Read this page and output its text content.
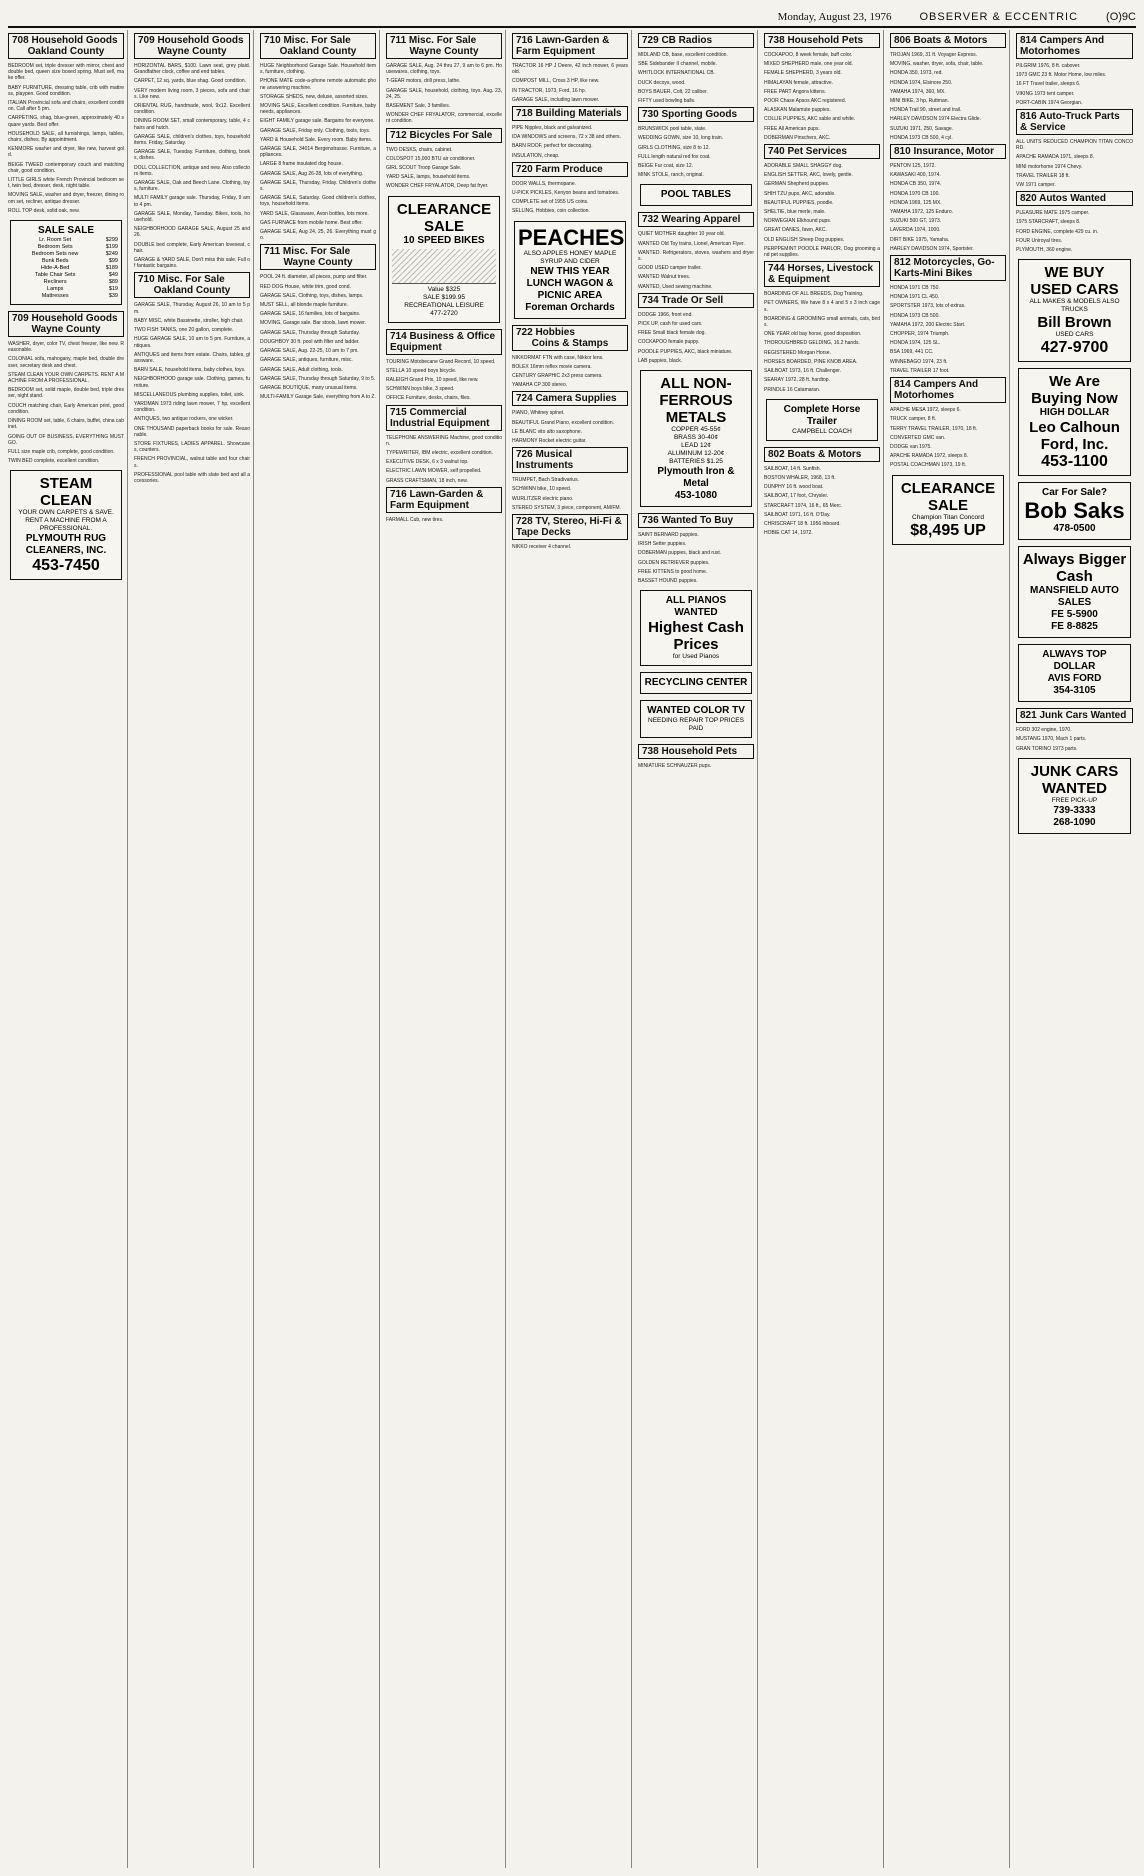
Monday, August 23, 1976	OBSERVER & ECCENTRIC	(O)9C
708 Household Goods
Oakland County
BEDROOM set, triple dresser with mirror, chest and double bed, queen size boxed spring. Must sell, make offer.
BABY FURNITURE, dressing table, crib with mattress, playpen. Good condition.
ITALIAN Provincial sofa and chairs, excellent condition. Call after 5 pm.
CARPETING, shag, blue-green, approximately 40 square yards. Best offer.
HOUSEHOLD SALE, all furnishings, lamps, tables, chairs, dishes. By appointment.
KENMORE washer and dryer, like new, harvest gold.
BEIGE TWEED contemporary couch and matching chair, good condition.
LITTLE GIRLS white French Provincial bedroom set, twin bed, dresser, desk, night table.
MOVING SALE, washer and dryer, freezer, dining room set, recliner, antique dresser.
ROLL TOP desk, solid oak, new.
SALE SALE
Lr. Room Set	$299
Bedroom Sets	$199
Bedroom Sets new	$249
Bunk Beds	$99
Hide-A-Bed	$189
Table Chair Sets	$49
Recliners	$89
Lamps	$19
Mattresses	$39
709 Household Goods
Wayne County
WASHER, dryer, color TV, chest freezer, like new. Reasonable.
COLONIAL sofa, mahogany, maple bed, double dresser, secretary desk and chest.
STEAM CLEAN YOUR OWN CARPETS. RENT A MACHINE FROM A PROFESSIONAL.
BEDROOM set, solid maple, double bed, triple dresser, night stand.
COUCH matching chair, Early American print, good condition.
DINING ROOM set, table, 6 chairs, buffet, china cabinet.
GOING OUT OF BUSINESS, EVERYTHING MUST GO.
FULL size maple crib, complete, good condition.
TWIN BED complete, excellent condition.
STEAM CLEAN
YOUR OWN CARPETS & SAVE. RENT A MACHINE FROM A PROFESSIONAL.
PLYMOUTH RUG CLEANERS, INC.
453-7450
709 Household Goods
Wayne County
HORIZONTAL BARS, $100. Lawn seat, grey plaid. Grandfather clock, coffee and end tables.
CARPET, 12 sq. yards, blue shag. Good condition.
VERY modern living room, 3 pieces, sofa and chairs. Like new.
ORIENTAL RUG, handmade, wool, 9x12. Excellent condition.
DINING ROOM SET, small contemporary, table, 4 chairs and hutch.
GARAGE SALE, children's clothes, toys, household items. Friday, Saturday.
GARAGE SALE, Tuesday. Furniture, clothing, books, dishes.
DOLL COLLECTION, antique and new. Also collectors items.
GARAGE SALE, Oak and Beech Lane. Clothing, toys, furniture.
MULTI FAMILY garage sale. Thursday, Friday, 9 am to 4 pm.
GARAGE SALE, Monday, Tuesday. Bikes, tools, household.
NEIGHBORHOOD GARAGE SALE, August 25 and 26.
DOUBLE bed complete, Early American loveseat, chair.
GARAGE & YARD SALE, Don't miss this sale. Full of fantastic bargains.
710 Misc. For Sale
Oakland County
GARAGE SALE, Thursday, August 26, 10 am to 5 pm.
BABY MISC, white Bassinette, stroller, high chair.
TWO FISH TANKS, one 20 gallon, complete.
HUGE GARAGE SALE, 10 am to 5 pm. Furniture, antiques.
ANTIQUES and items from estate. Chairs, tables, glassware.
BARN SALE, household items, baby clothes, toys.
NEIGHBORHOOD garage sale. Clothing, games, furniture.
MISCELLANEOUS plumbing supplies, toilet, sink.
YARDMAN 1973 riding lawn mower, 7 hp, excellent condition.
ANTIQUES, two antique rockers, one wicker.
ONE THOUSAND paperback books for sale. Reasonable.
STORE FIXTURES, LADIES APPAREL. Showcases, counters.
FRENCH PROVINCIAL, walnut table and four chairs.
PROFESSIONAL pool table with slate bed and all accessories.
710 Misc. For Sale
Oakland County
HUGE Neighborhood Garage Sale. Household items, furniture, clothing.
PHONE MATE code-a-phone remote automatic phone answering machine.
STORAGE SHEDS, new, deluxe, assorted sizes.
MOVING SALE, Excellent condition. Furniture, baby needs, appliances.
EIGHT FAMILY garage sale. Bargains for everyone.
GARAGE SALE, Friday only. Clothing, tools, toys.
YARD & Household Sale. Every room. Baby items.
GARAGE SALE, 34014 Bergenstrasse. Furniture, appliances.
LARGE 8 frame insulated dog house.
GARAGE SALE, Aug 26-28, lots of everything.
GARAGE SALE, Thursday, Friday. Children's clothes.
GARAGE SALE, Saturday. Good children's clothes, toys, household items.
YARD SALE, Glassware, Avon bottles, lots more.
GAS FURNACE from mobile home. Best offer.
GARAGE SALE, Aug 24, 25, 26. Everything must go.
711 Misc. For Sale
Wayne County
POOL 24 ft. diameter, all pieces, pump and filter.
RED DOG House, white trim, good cond.
GARAGE SALE, Clothing, toys, dishes, lamps.
MUST SELL, all blonde maple furniture.
GARAGE SALE, 16 families, lots of bargains.
MOVING, Garage sale. Bar stools, lawn mower.
GARAGE SALE, Thursday through Saturday.
DOUGHBOY 30 ft. pool with filter and ladder.
GARAGE SALE, Aug. 22-25, 10 am to 7 pm.
GARAGE SALE, antiques, furniture, misc.
GARAGE SALE, Adult clothing, tools.
GARAGE SALE, Thursday through Saturday, 9 to 5.
GARAGE BOUTIQUE, many unusual items.
MULTI-FAMILY Garage Sale, everything from A to Z.
711 Misc. For Sale
Wayne County
GARAGE SALE, Aug. 24 thru 27, 9 am to 6 pm. Housewares, clothing, toys.
T-GEAR motors, drill press, lathe.
GARAGE SALE, household, clothing, toys. Aug. 23, 24, 25.
BASEMENT Sale, 3 families.
WONDER CHEF FRYALATOR, commercial, excellent condition.
712 Bicycles For Sale
TWO DESKS, chairs, cabinet.
COLDSPOT 15,000 BTU air conditioner.
GIRL SCOUT Troop Garage Sale.
YARD SALE, lamps, household items.
WONDER CHEF FRYALATOR, Deep fat fryer.
CLEARANCE SALE
10 SPEED BIKES
Value $325
SALE $199.95
RECREATIONAL LEISURE
477-2720
714 Business & Office Equipment
TOURING Motobecane Grand Record, 10 speed.
STELLA 10 speed boys bicycle.
RALEIGH Grand Prix, 10 speed, like new.
SCHWINN boys bike, 3 speed.
OFFICE Furniture, desks, chairs, files.
715 Commercial Industrial Equipment
TELEPHONE ANSWERING Machine, good condition.
TYPEWRITER, IBM electric, excellent condition.
EXECUTIVE DESK, 6 x 3 walnut top.
ELECTRIC LAWN MOWER, self propelled.
GRASS CRAFTSMAN, 18 inch, new.
716 Lawn-Garden & Farm Equipment
FARMALL Cub, new tires.
716 Lawn-Garden & Farm Equipment
TRACTOR 16 HP J Deere, 42 inch mower, 6 years old.
COMPOST MILL, Cross 3 HP, like new.
IN TRACTOR, 1973, Ford, 16 hp.
GARAGE SALE, including lawn mower.
718 Building Materials
PIPE Nipples, black and galvanized.
IDA WINDOWS and screens, 72 x 38 and others.
BARN ROOF, perfect for decorating.
INSULATION, cheap.
720 Farm Produce
DOOR WALLS, thermopane.
U-PICK PICKLES, Kenyon beans and tomatoes.
COMPLETE set of 1955 US coins.
SELLING, Hobbies, coin collection.
PEACHES
ALSO APPLES HONEY MAPLE SYRUP AND CIDER
NEW THIS YEAR LUNCH WAGON & PICNIC AREA
Foreman Orchards
722 Hobbies
Coins & Stamps
NIKKORMAT FTN with case, Nikkor lens.
BOLEX 16mm reflex movie camera.
CENTURY GRAPHIC 2x3 press camera.
YAMAHA CP 300 stereo.
724 Camera Supplies
PIANO, Whitney spinet.
BEAUTIFUL Grand Piano, excellent condition.
LE BLANC vito alto saxophone.
HARMONY Rocket electric guitar.
726 Musical Instruments
TRUMPET, Bach Stradivarius.
SCHWINN bike, 10 speed.
WURLITZER electric piano.
STEREO SYSTEM, 3 piece, component, AM/FM.
728 TV, Stereo, Hi-Fi & Tape Decks
NIKKO receiver 4 channel.
729 CB Radios
MIDLAND CB, base, excellent condition.
SBE Sidebander II channel, mobile.
WHITLOCK INTERNATIONAL CB.
DUCK decoys, wood.
BOYS BAUER, Colt, 22 caliber.
FIFTY used bowling balls.
730 Sporting Goods
BRUNSWICK pool table, slate.
WEDDING GOWN, size 10, long train.
GIRLS CLOTHING, size 8 to 12.
FULL length natural red fox coat.
BEIGE Fur coat, size 12.
MINK STOLE, ranch, original.
POOL TABLES
732 Wearing Apparel
QUIET MOTHER daughter 10 year old.
WANTED Old Toy trains, Lionel, American Flyer.
WANTED. Refrigerators, stoves, washers and dryers.
GOOD USED camper trailer.
WANTED Walnut trees.
WANTED, Used sewing machine.
734 Trade Or Sell
DODGE 1966, front end.
PICK UP, cash for used cars.
FREE Small black female dog.
COCKAPOO female puppy.
POODLE PUPPIES, AKC, black miniature.
LAB puppies, black.
ALL NON-FERROUS METALS
COPPER 45-55¢
BRASS 30-40¢
LEAD 12¢
ALUMINUM 12-20¢
BATTERIES $1.25
Plymouth Iron & Metal
453-1080
736 Wanted To Buy
SAINT BERNARD puppies.
IRISH Setter puppies.
DOBERMAN puppies, black and rust.
GOLDEN RETRIEVER puppies.
FREE KITTENS to good home.
BASSET HOUND puppies.
ALL PIANOS WANTED
Highest Cash Prices
for Used Pianos
RECYCLING CENTER
WANTED COLOR TV
NEEDING REPAIR TOP PRICES PAID
738 Household Pets
MINIATURE SCHNAUZER pups.
738 Household Pets
COCKAPOO, 8 week female, buff color.
MIXED SHEPHERD male, one year old.
FEMALE SHEPHERD, 3 years old.
HIMALAYAN female, attractive.
FREE PART Angora kittens.
POOR Chase Apsos AKC registered.
ALASKAN Malamute puppies.
COLLIE PUPPIES, AKC sable and white.
FREE All American pups.
DOBERMAN Pinschers, AKC.
740 Pet Services
ADORABLE SMALL SHAGGY dog.
ENGLISH SETTER, AKC, lovely, gentle.
GERMAN Shepherd puppies.
SHIH TZU pups, AKC, adorable.
BEAUTIFUL PUPPIES, poodle.
SHELTIE, blue merle, male.
NORWEGIAN Elkhound pups.
GREAT DANES, fawn, AKC.
OLD ENGLISH Sheep Dog puppies.
PERPPEMINT POODLE PARLOR, Dog grooming and pet supplies.
744 Horses, Livestock & Equipment
BOARDING OF ALL BREEDS, Dog Training.
PET OWNERS, We have 8 x 4 and 5 x 3 inch cages.
BOARDING & GROOMING small animals, cats, birds.
ONE YEAR old bay horse, good disposition.
THOROUGHBRED GELDING, 16.2 hands.
REGISTERED Morgan Horse.
HORSES BOARDED, PINE KNOB AREA.
SAILBOAT 1973, 16 ft. Challenger.
SEARAY 1972, 28 ft. hardtop.
PRINDLE 16 Catamaran.
Complete Horse Trailer
CAMPBELL COACH
802 Boats & Motors
SAILBOAT, 14 ft. Sunfish.
BOSTON WHALER, 1968, 13 ft.
DUNPHY 16 ft. wood boat.
SAILBOAT, 17 foot, Chrysler.
STARCRAFT 1974, 16 ft., 65 Merc.
SAILBOAT 1971, 16 ft. O'Day.
CHRISCRAFT 18 ft. 1956 inboard.
HOBIE CAT 14, 1972.
806 Boats & Motors
TROJAN 1969, 31 ft. Voyager Express.
MOVING, washer, dryer, sofa, chair, table.
HONDA 350, 1973, red.
HONDA 1974, Elsinore 250.
YAMAHA 1974, 360, MX.
MINI BIKE, 3 hp, Ruttman.
HONDA Trail 90, street and trail.
HARLEY DAVIDSON 1974 Electra Glide.
SUZUKI 1971, 250, Savage.
HONDA 1973 CB 500, 4 cyl.
810 Insurance, Motor
PENTON 125, 1972.
KAWASAKI 400, 1974.
HONDA CB 350, 1974.
HONDA 1970 CB 100.
HONDA 1969, 125 MX.
YAMAHA 1972, 125 Enduro.
SUZUKI 500 GT, 1973.
LAVERDA 1974, 1000.
DIRT BIKE 1975, Yamaha.
HARLEY DAVIDSON 1974, Sportster.
812 Motorcycles, Go-Karts-Mini Bikes
HONDA 1971 CB 750.
HONDA 1971 CL 450.
SPORTSTER 1973, lots of extras.
HONDA 1973 CB 500.
YAMAHA 1972, 200 Electric Start.
CHOPPER, 1974 Triumph.
HONDA 1974, 125 SL.
BSA 1969, 441 CC.
WINNEBAGO 1974, 23 ft.
TRAVEL TRAILER 17 foot.
814 Campers And Motorhomes
APACHE MESA 1972, sleeps 6.
TRUCK camper, 8 ft.
TERRY TRAVEL TRAILER, 1970, 18 ft.
CONVERTED GMC van.
DODGE van 1975.
APACHE RAMADA 1972, sleeps 8.
POSTAL COACHMAN 1973, 19 ft.
CLEARANCE SALE
Champion Titan Concord
$8,495 UP
814 Campers And Motorhomes
PILGRIM 1976, 8 ft. cabover.
1973 GMC 23 ft. Motor Home, low miles.
16 FT Travel trailer, sleeps 6.
VIKING 1973 tent camper.
PORT-CABIN 1974 Georgian.
816 Auto-Truck Parts & Service
ALL UNITS REDUCED CHAMPION TITAN CONCORD.
APACHE RAMADA 1971, sleeps 8.
MINI motorhome 1974 Chevy.
TRAVEL TRAILER 18 ft.
VW 1971 camper.
820 Autos Wanted
PLEASURE MATE 1975 camper.
1975 STARCRAFT, sleeps 8.
FORD ENGINE, complete 429 cu. in.
FOUR Uniroyal tires.
PLYMOUTH, 360 engine.
WE BUY USED CARS
ALL MAKES & MODELS ALSO TRUCKS
Bill Brown
USED CARS
427-9700
We Are Buying Now
HIGH DOLLAR
Leo Calhoun Ford, Inc.
453-1100
Car For Sale?
Bob Saks
478-0500
Always Bigger Cash
MANSFIELD AUTO SALES
FE 5-5900
FE 8-8825
ALWAYS TOP DOLLAR
AVIS FORD
354-3105
821 Junk Cars Wanted
FORD 302 engine, 1970.
MUSTANG 1970, Mach 1 parts.
GRAN TORINO 1973 parts.
JUNK CARS WANTED
FREE PICK-UP
739-3333
268-1090
